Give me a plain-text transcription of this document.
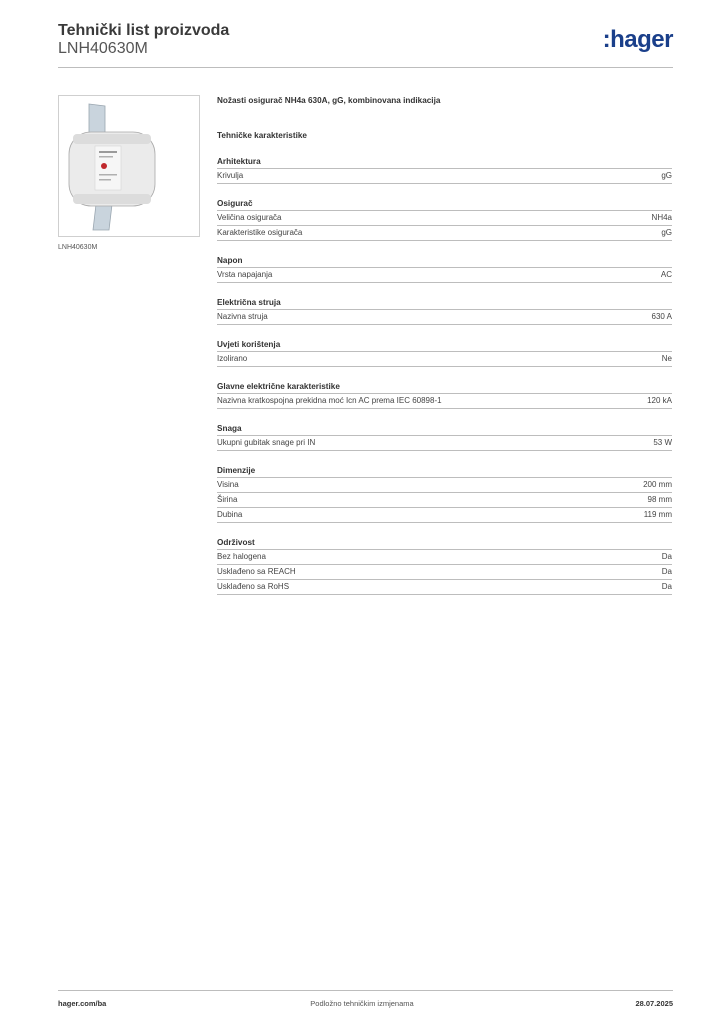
Tehnički list proizvoda
LNH40630M	:hager
LNH40630M

Nožasti osigurač NH4a 630A, gG, kombinovana indikacija

Tehničke karakteristike

Arhitektura
Krivulja	gG
Osigurač
Veličina osigurača	NH4a
Karakteristike osigurača	gG
Napon
Vrsta napajanja	AC
Električna struja
Nazivna struja	630 A
Uvjeti korištenja
Izolirano	Ne
Glavne električne karakteristike
Nazivna kratkospojna prekidna moć Icn AC prema IEC 60898-1	120 kA
Snaga
Ukupni gubitak snage pri IN	53 W
Dimenzije
Visina	200 mm
Širina	98 mm
Dubina	119 mm
Održivost
Bez halogena	Da
Usklađeno sa REACH	Da
Usklađeno sa RoHS	Da
hager.com/ba	Podložno tehničkim izmjenama	28.07.2025
